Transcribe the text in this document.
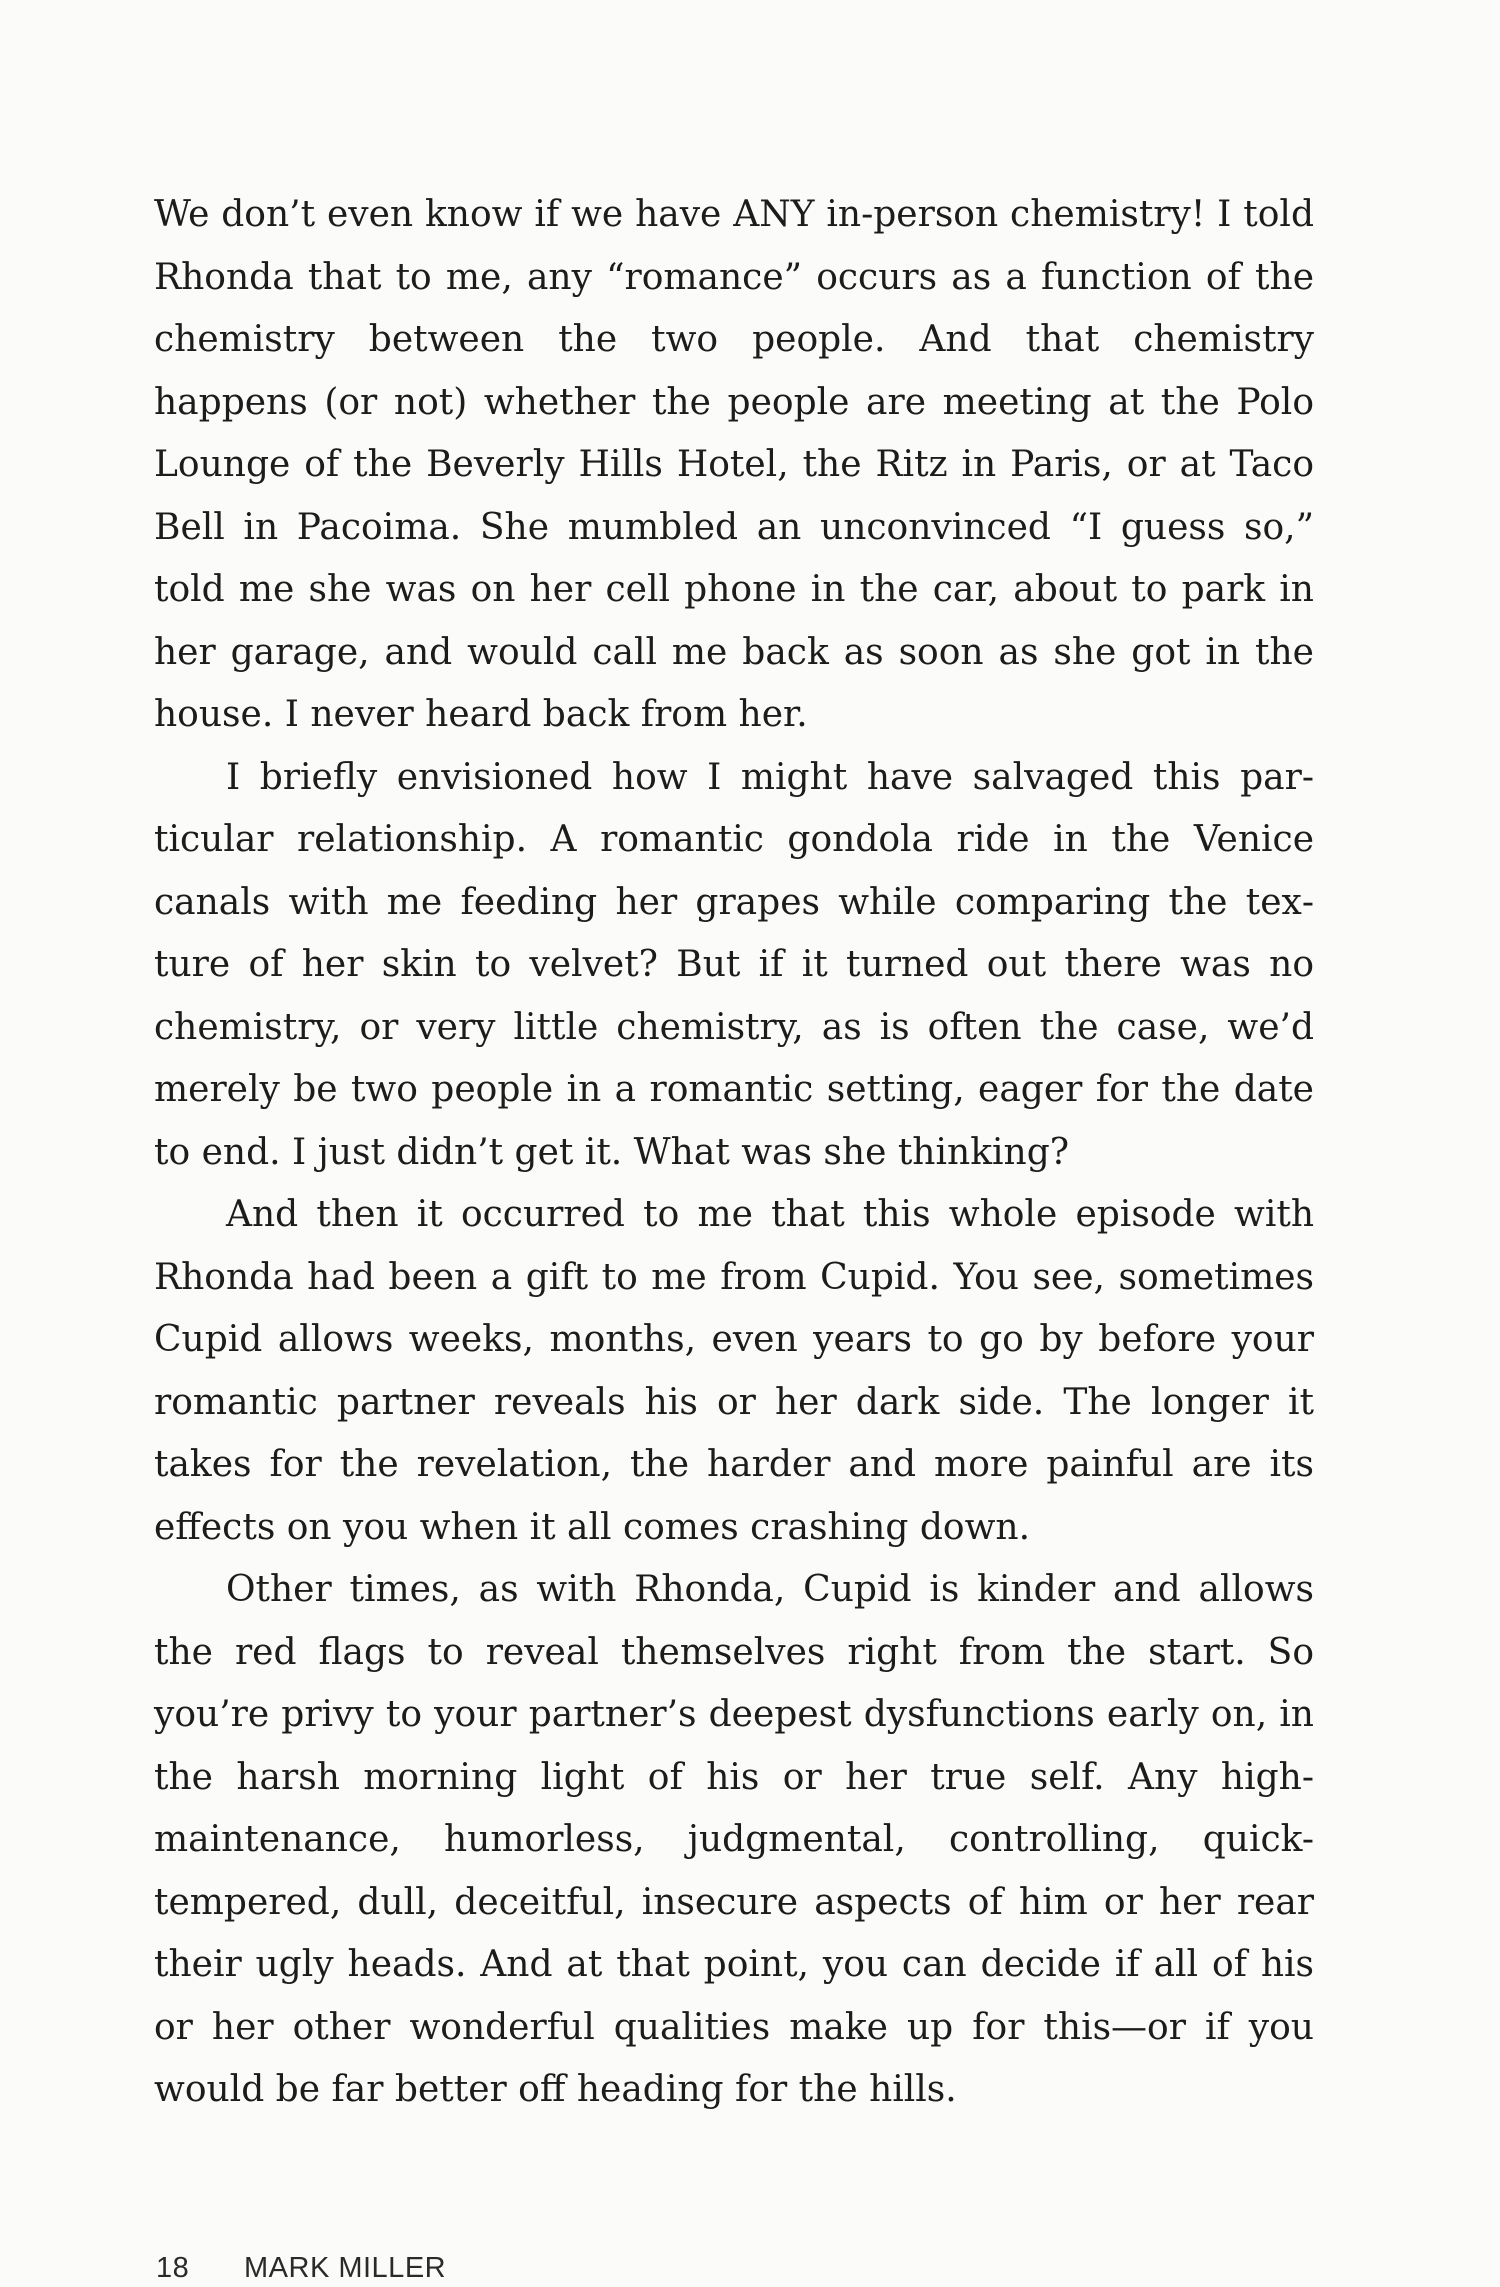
We don’t even know if we have ANY in-person chemistry! I told Rhonda that to me, any “romance” occurs as a function of the chemistry between the two people. And that chemistry happens (or not) whether the people are meeting at the Polo Lounge of the Beverly Hills Hotel, the Ritz in Paris, or at Taco Bell in Pacoima. She mumbled an unconvinced “I guess so,” told me she was on her cell phone in the car, about to park in her garage, and would call me back as soon as she got in the house. I never heard back from her.

I briefly envisioned how I might have salvaged this particular relationship. A romantic gondola ride in the Venice canals with me feeding her grapes while comparing the texture of her skin to velvet? But if it turned out there was no chemistry, or very little chemistry, as is often the case, we’d merely be two people in a romantic setting, eager for the date to end. I just didn’t get it. What was she thinking?

And then it occurred to me that this whole episode with Rhonda had been a gift to me from Cupid. You see, sometimes Cupid allows weeks, months, even years to go by before your romantic partner reveals his or her dark side. The longer it takes for the revelation, the harder and more painful are its effects on you when it all comes crashing down.

Other times, as with Rhonda, Cupid is kinder and allows the red flags to reveal themselves right from the start. So you’re privy to your partner’s deepest dysfunctions early on, in the harsh morning light of his or her true self. Any high-maintenance, humorless, judgmental, controlling, quick-tempered, dull, deceitful, insecure aspects of him or her rear their ugly heads. And at that point, you can decide if all of his or her other wonderful qualities make up for this—or if you would be far better off heading for the hills.

18 MARK MILLER
